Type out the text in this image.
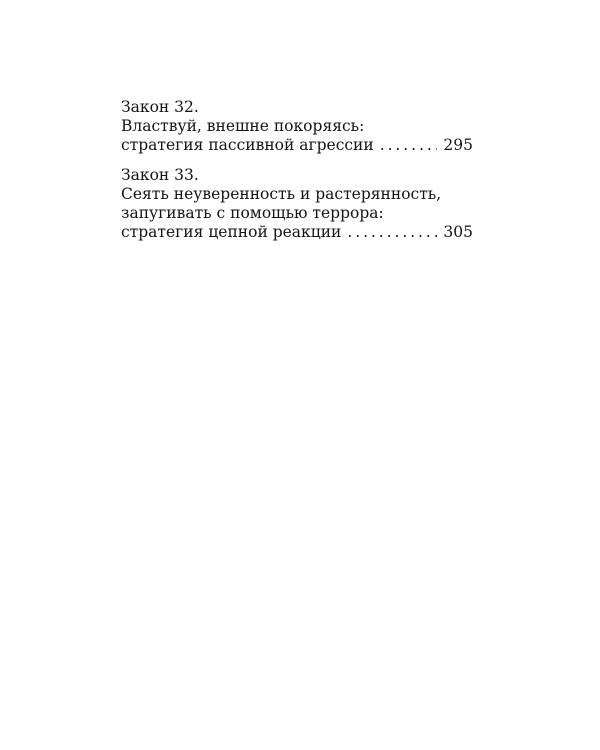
Закон 32.
Властвуй, внешне покоряясь:
стратегия пассивной агрессии . . .	295
Закон 33.
Сеять неуверенность и растерянность,
запугивать с помощью террора:
стратегия цепной реакции . . .	305
